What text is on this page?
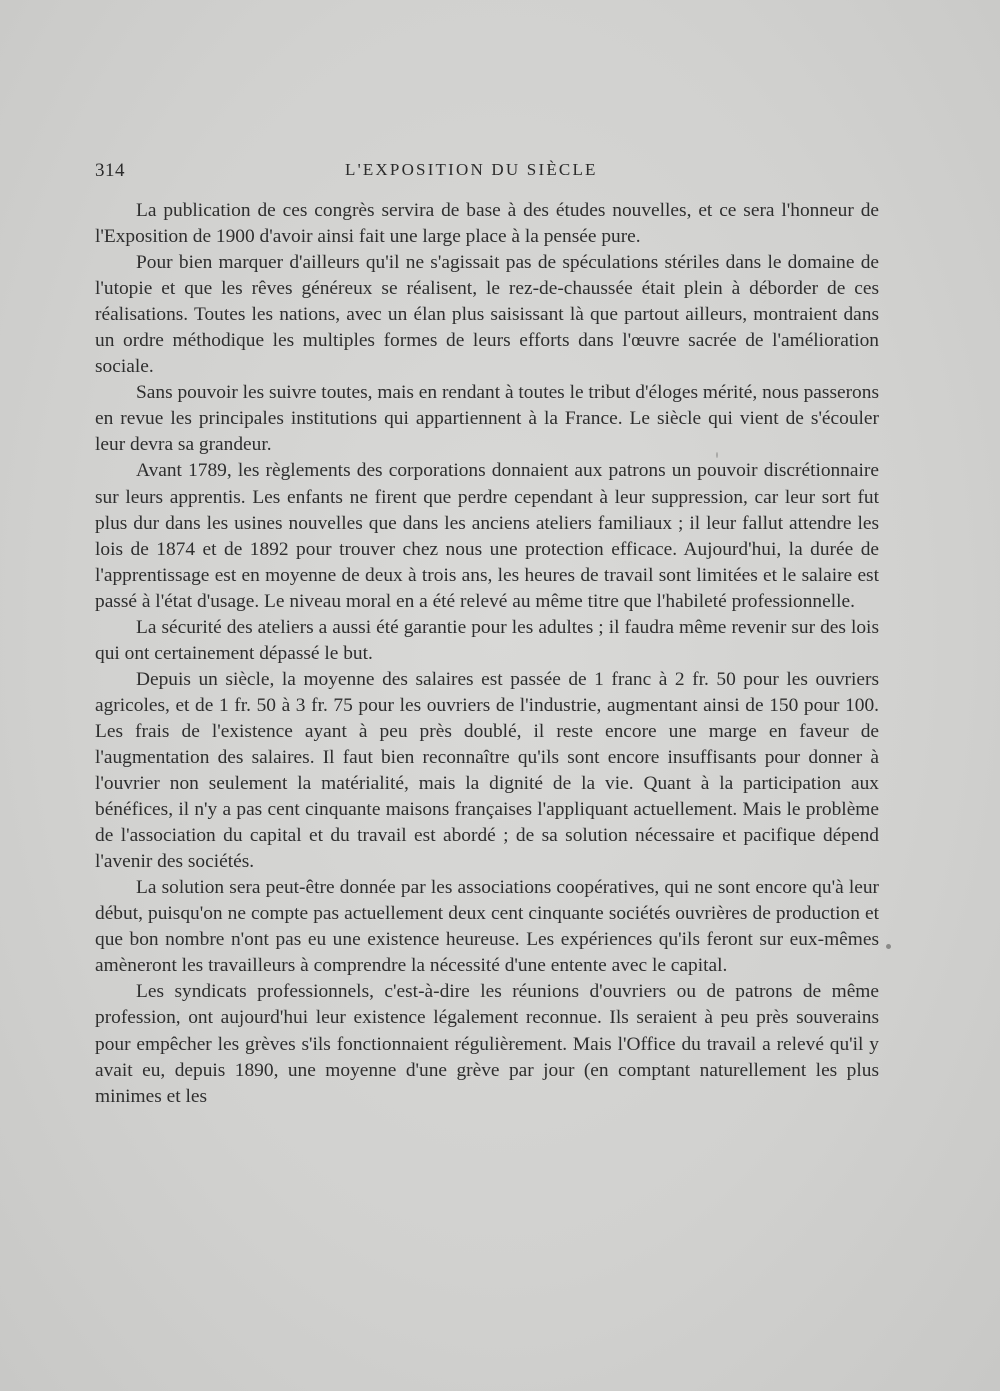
314	L'EXPOSITION DU SIÈCLE

La publication de ces congrès servira de base à des études nouvelles, et ce sera l'honneur de l'Exposition de 1900 d'avoir ainsi fait une large place à la pensée pure.

Pour bien marquer d'ailleurs qu'il ne s'agissait pas de spéculations stériles dans le domaine de l'utopie et que les rêves généreux se réalisent, le rez-de-chaussée était plein à déborder de ces réalisations. Toutes les nations, avec un élan plus saisissant là que partout ailleurs, montraient dans un ordre méthodique les multiples formes de leurs efforts dans l'œuvre sacrée de l'amélioration sociale.

Sans pouvoir les suivre toutes, mais en rendant à toutes le tribut d'éloges mérité, nous passerons en revue les principales institutions qui appartiennent à la France. Le siècle qui vient de s'écouler leur devra sa grandeur.

Avant 1789, les règlements des corporations donnaient aux patrons un pouvoir discrétionnaire sur leurs apprentis. Les enfants ne firent que perdre cependant à leur suppression, car leur sort fut plus dur dans les usines nouvelles que dans les anciens ateliers familiaux ; il leur fallut attendre les lois de 1874 et de 1892 pour trouver chez nous une protection efficace. Aujourd'hui, la durée de l'apprentissage est en moyenne de deux à trois ans, les heures de travail sont limitées et le salaire est passé à l'état d'usage. Le niveau moral en a été relevé au même titre que l'habileté professionnelle.

La sécurité des ateliers a aussi été garantie pour les adultes ; il faudra même revenir sur des lois qui ont certainement dépassé le but.

Depuis un siècle, la moyenne des salaires est passée de 1 franc à 2 fr. 50 pour les ouvriers agricoles, et de 1 fr. 50 à 3 fr. 75 pour les ouvriers de l'industrie, augmentant ainsi de 150 pour 100. Les frais de l'existence ayant à peu près doublé, il reste encore une marge en faveur de l'augmentation des salaires. Il faut bien reconnaître qu'ils sont encore insuffisants pour donner à l'ouvrier non seulement la matérialité, mais la dignité de la vie. Quant à la participation aux bénéfices, il n'y a pas cent cinquante maisons françaises l'appliquant actuellement. Mais le problème de l'association du capital et du travail est abordé ; de sa solution nécessaire et pacifique dépend l'avenir des sociétés.

La solution sera peut-être donnée par les associations coopératives, qui ne sont encore qu'à leur début, puisqu'on ne compte pas actuellement deux cent cinquante sociétés ouvrières de production et que bon nombre n'ont pas eu une existence heureuse. Les expériences qu'ils feront sur eux-mêmes amèneront les travailleurs à comprendre la nécessité d'une entente avec le capital.

Les syndicats professionnels, c'est-à-dire les réunions d'ouvriers ou de patrons de même profession, ont aujourd'hui leur existence légalement reconnue. Ils seraient à peu près souverains pour empêcher les grèves s'ils fonctionnaient régulièrement. Mais l'Office du travail a relevé qu'il y avait eu, depuis 1890, une moyenne d'une grève par jour (en comptant naturellement les plus minimes et les
